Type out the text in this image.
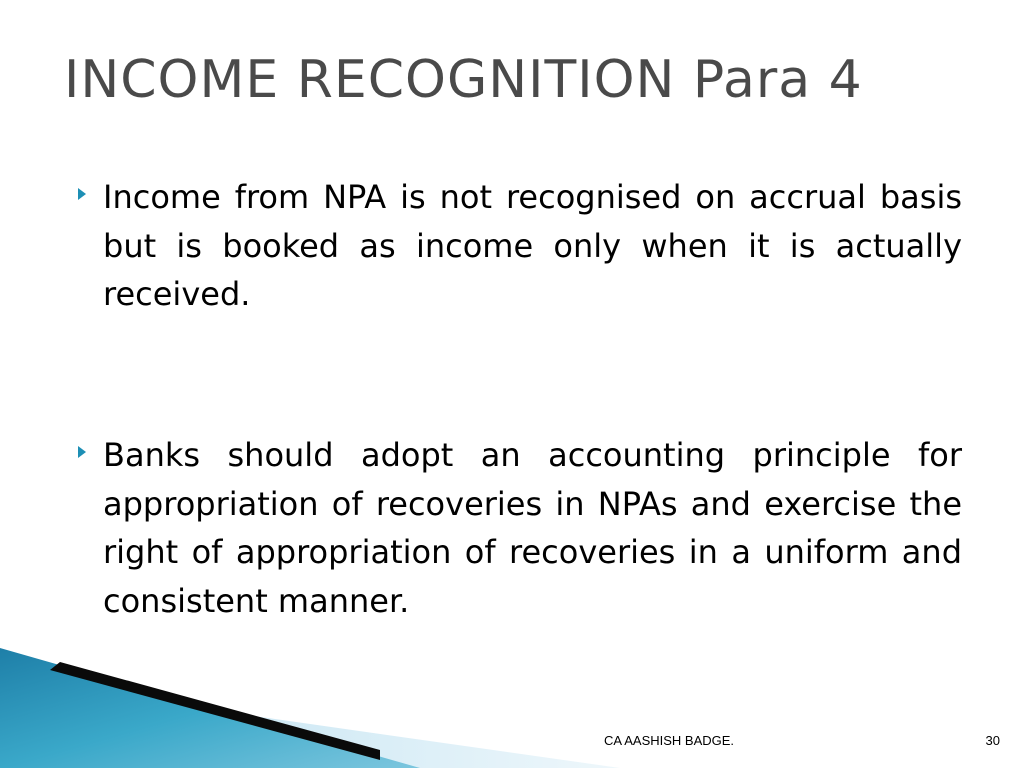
INCOME RECOGNITION Para 4

Income from NPA is not recognised on accrual basis but is booked as income only when it is actually received.

Banks should adopt an accounting principle for appropriation of recoveries in NPAs and exercise the right of appropriation of recoveries in a uniform and consistent manner.

CA AASHISH BADGE.	30
